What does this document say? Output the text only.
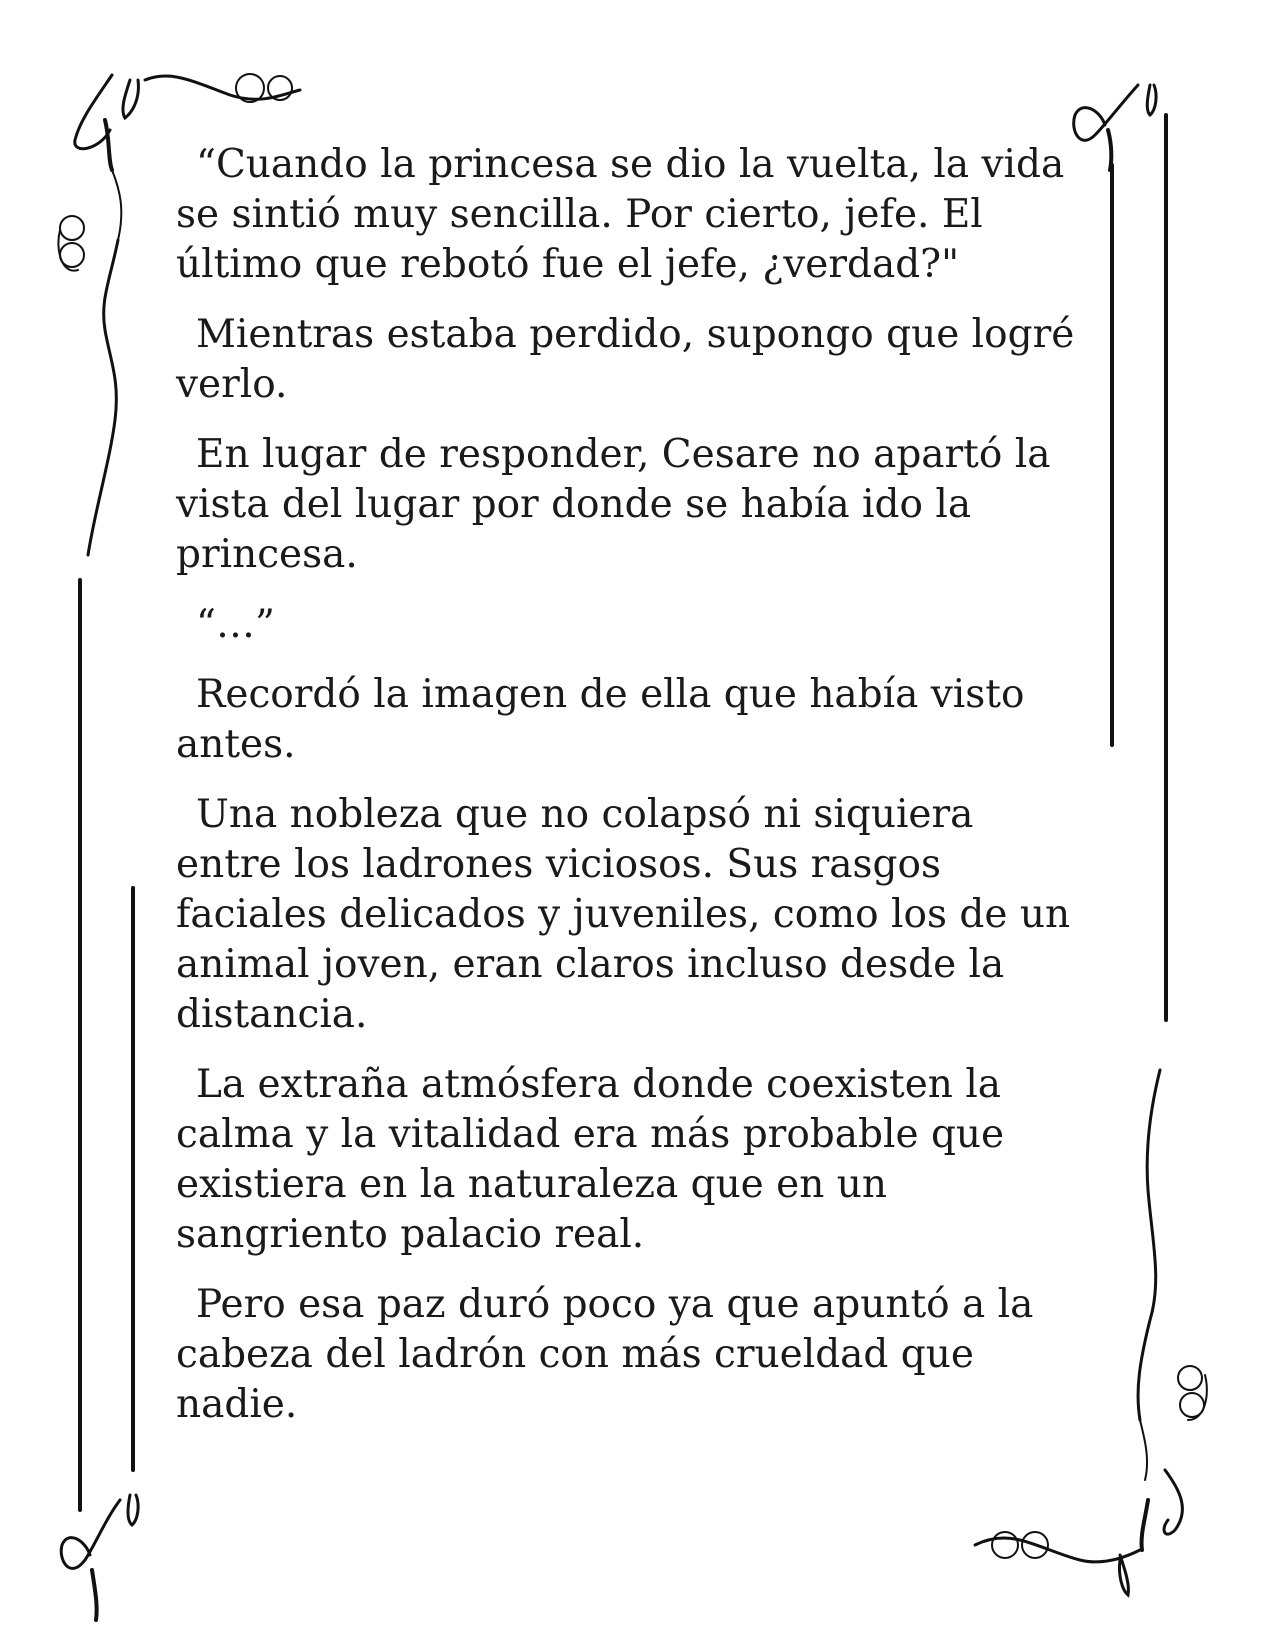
“Cuando la princesa se dio la vuelta, la vida se sintió muy sencilla. Por cierto, jefe. El último que rebotó fue el jefe, ¿verdad?"

Mientras estaba perdido, supongo que logré verlo.

En lugar de responder, Cesare no apartó la vista del lugar por donde se había ido la princesa.

“…”

Recordó la imagen de ella que había visto antes.

Una nobleza que no colapsó ni siquiera entre los ladrones viciosos. Sus rasgos faciales delicados y juveniles, como los de un animal joven, eran claros incluso desde la distancia.

La extraña atmósfera donde coexisten la calma y la vitalidad era más probable que existiera en la naturaleza que en un sangriento palacio real.

Pero esa paz duró poco ya que apuntó a la cabeza del ladrón con más crueldad que nadie.
